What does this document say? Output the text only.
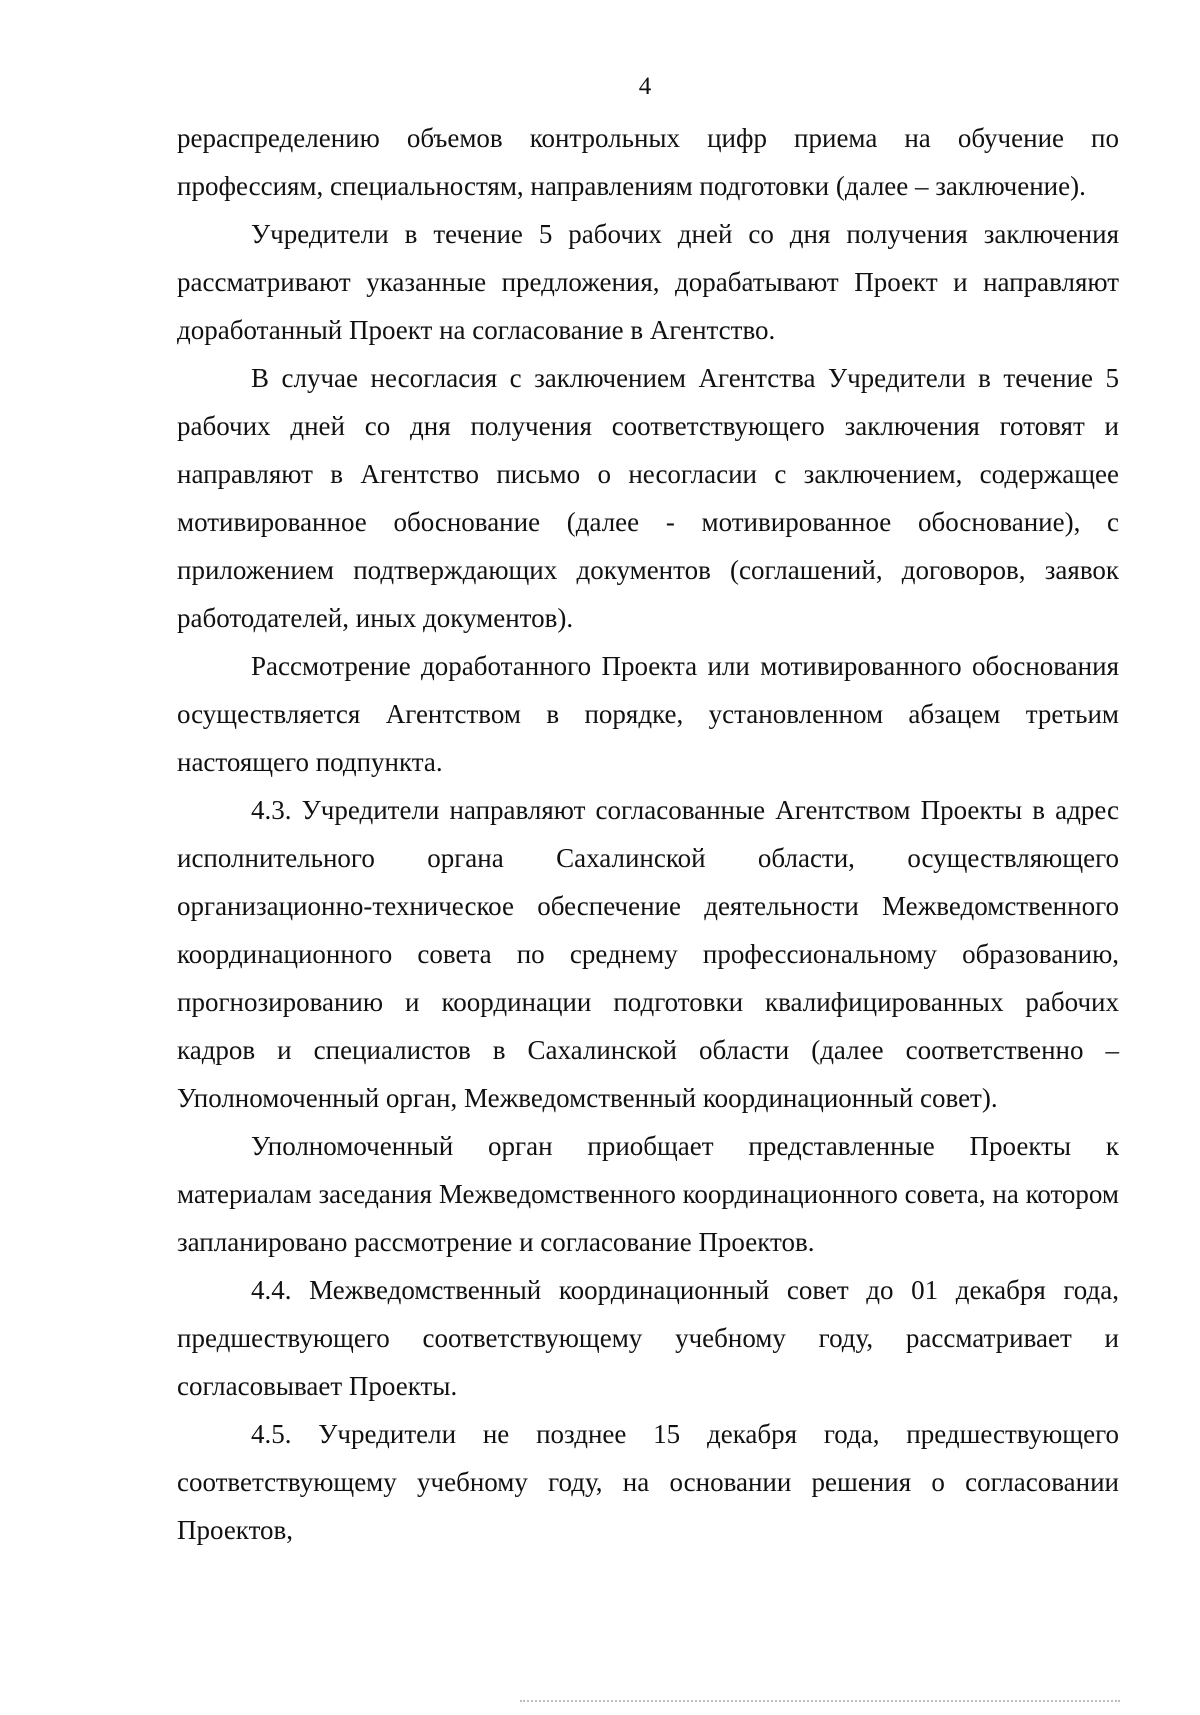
4

рераспределению объемов контрольных цифр приема на обучение по профессиям, специальностям, направлениям подготовки (далее – заключение).

Учредители в течение 5 рабочих дней со дня получения заключения рассматривают указанные предложения, дорабатывают Проект и направляют доработанный Проект на согласование в Агентство.

В случае несогласия с заключением Агентства Учредители в течение 5 рабочих дней со дня получения соответствующего заключения готовят и направляют в Агентство письмо о несогласии с заключением, содержащее мотивированное обоснование (далее - мотивированное обоснование), с приложением подтверждающих документов (соглашений, договоров, заявок работодателей, иных документов).

Рассмотрение доработанного Проекта или мотивированного обоснования осуществляется Агентством в порядке, установленном абзацем третьим настоящего подпункта.

4.3. Учредители направляют согласованные Агентством Проекты в адрес исполнительного органа Сахалинской области, осуществляющего организационно-техническое обеспечение деятельности Межведомственного координационного совета по среднему профессиональному образованию, прогнозированию и координации подготовки квалифицированных рабочих кадров и специалистов в Сахалинской области (далее соответственно – Уполномоченный орган, Межведомственный координационный совет).

Уполномоченный орган приобщает представленные Проекты к материалам заседания Межведомственного координационного совета, на котором запланировано рассмотрение и согласование Проектов.

4.4. Межведомственный координационный совет до 01 декабря года, предшествующего соответствующему учебному году, рассматривает и согласовывает Проекты.

4.5. Учредители не позднее 15 декабря года, предшествующего соответствующему учебному году, на основании решения о согласовании Проектов,
